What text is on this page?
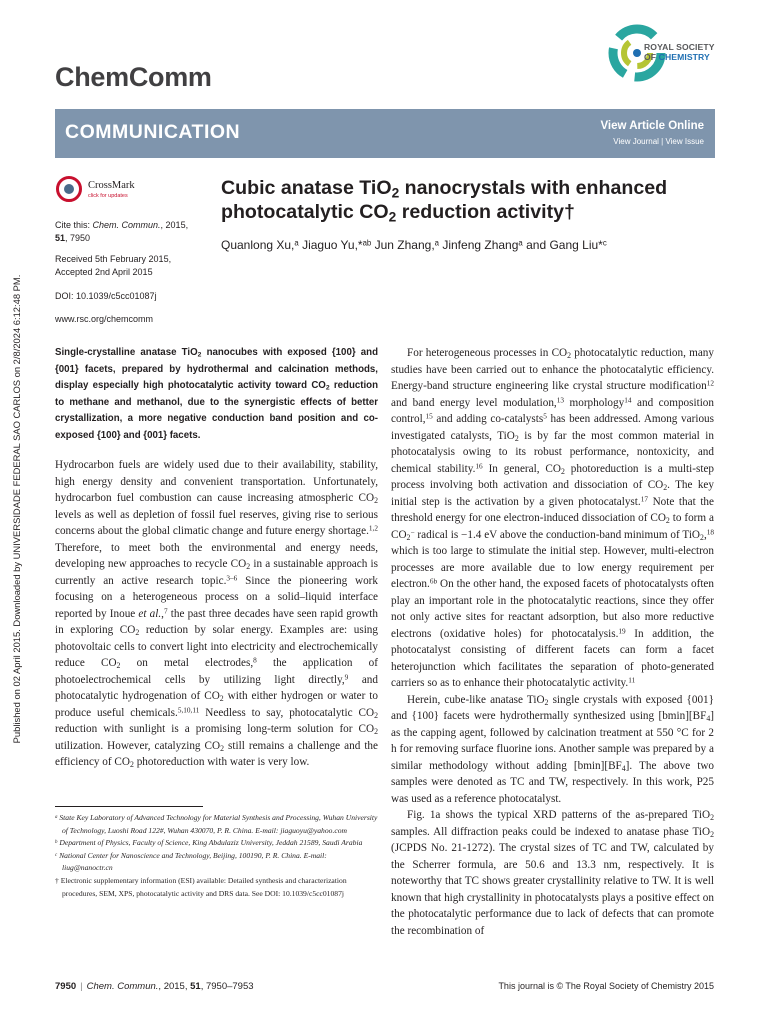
Published on 02 April 2015. Downloaded by UNIVERSIDADE FEDERAL SAO CARLOS on 2/8/2024 6:12:48 PM.
ChemComm
ROYAL SOCIETY
OF CHEMISTRY
COMMUNICATION	View Article Online
View Journal | View Issue
CrossMark
click for updates
Cite this: Chem. Commun., 2015,
51, 7950
Received 5th February 2015,
Accepted 2nd April 2015
DOI: 10.1039/c5cc01087j
www.rsc.org/chemcomm
Cubic anatase TiO$_2$ nanocrystals with enhanced photocatalytic $CO_2$ reduction activity†
Quanlong Xu,$^a$ Jiaguo Yu,*$^{ab}$ Jun Zhang,$^a$ Jinfeng Zhang$^a$ and Gang Liu*$^c$
Single-crystalline anatase TiO$_2$ nanocubes with exposed {100} and {001} facets, prepared by hydrothermal and calcination methods, display especially high photocatalytic activity toward $CO_2$ reduction to methane and methanol, due to the synergistic effects of better crystallization, a more negative conduction band position and co-exposed {100} and {001} facets.
Hydrocarbon fuels are widely used due to their availability, stability, high energy density and convenient transportation. Unfortunately, hydrocarbon fuel combustion can cause increasing atmospheric $CO_2$ levels as well as depletion of fossil fuel reserves, giving rise to serious concerns about the global climatic change and future energy shortage.$^{1,2}$ Therefore, to meet both the environmental and energy needs, developing new approaches to recycle $CO_2$ in a sustainable approach is currently an active research topic.$^{3-6}$ Since the pioneering work focusing on a heterogeneous process on a solid–liquid interface reported by Inoue et al.,$^7$ the past three decades have seen rapid growth in exploring $CO_2$ reduction by solar energy. Examples are: using photovoltaic cells to convert light into electricity and electrochemically reduce $CO_2$ on metal electrodes,$^8$ the application of photoelectrochemical cells by utilizing light directly,$^9$ and photocatalytic hydrogenation of $CO_2$ with either hydrogen or water to produce useful chemicals.$^{5,10,11}$ Needless to say, photocatalytic $CO_2$ reduction with sunlight is a promising long-term solution for $CO_2$ utilization. However, catalyzing $CO_2$ still remains a challenge and the efficiency of $CO_2$ photoreduction with water is very low.
$^a$ State Key Laboratory of Advanced Technology for Material Synthesis and Processing, Wuhan University of Technology, Luoshi Road 122#, Wuhan 430070, P. R. China. E-mail: jiaguoyu@yahoo.com
$^b$ Department of Physics, Faculty of Science, King Abdulaziz University, Jeddah 21589, Saudi Arabia
$^c$ National Center for Nanoscience and Technology, Beijing, 100190, P. R. China. E-mail: liug@nanoctr.cn
† Electronic supplementary information (ESI) available: Detailed synthesis and characterization procedures, SEM, XPS, photocatalytic activity and DRS data. See DOI: 10.1039/c5cc01087j

For heterogeneous processes in $CO_2$ photocatalytic reduction, many studies have been carried out to enhance the photocatalytic efficiency. Energy-band structure engineering like crystal structure modification$^{12}$ and band energy level modulation,$^{13}$ morphology$^{14}$ and composition control,$^{15}$ and adding co-catalysts$^5$ has been addressed. Among various investigated catalysts, TiO$_2$ is by far the most common material in photocatalysis owing to its robust performance, nontoxicity, and chemical stability.$^{16}$ In general, $CO_2$ photoreduction is a multi-step process involving both activation and dissociation of $CO_2$. The key initial step is the activation by a given photocatalyst.$^{17}$ Note that the threshold energy for one electron-induced dissociation of $CO_2$ to form a $CO_2^-$ radical is −1.4 eV above the conduction-band minimum of TiO$_2$,$^{18}$ which is too large to stimulate the initial step. However, multi-electron processes are more available due to low energy requirement per electron.$^{6b}$ On the other hand, the exposed facets of photocatalysts often play an important role in the photocatalytic reactions, since they offer not only active sites for reactant adsorption, but also more reductive electrons (oxidative holes) for photocatalysis.$^{19}$ In addition, the photocatalyst consisting of different facets can form a facet heterojunction which facilitates the separation of photo-generated carriers so as to enhance their photocatalytic activity.$^{11}$

Herein, cube-like anatase TiO$_2$ single crystals with exposed {001} and {100} facets were hydrothermally synthesized using $[bmin][BF_4]$ as the capping agent, followed by calcination treatment at 550 °C for 2 h for removing surface fluorine ions. Another sample was prepared by a similar methodology without adding $[bmin][BF_4]$. The above two samples were denoted as TC and TW, respectively. In this work, P25 was used as a reference photocatalyst.

Fig. 1a shows the typical XRD patterns of the as-prepared TiO$_2$ samples. All diffraction peaks could be indexed to anatase phase TiO$_2$ (JCPDS No. 21-1272). The crystal sizes of TC and TW, calculated by the Scherrer formula, are 50.6 and 13.3 nm, respectively. It is noteworthy that TC shows greater crystallinity relative to TW. It is well known that high crystallinity in photocatalysts plays a positive effect on the photocatalytic performance due to lack of defects that can promote the recombination of

7950 | Chem. Commun., 2015, 51, 7950–7953	This journal is © The Royal Society of Chemistry 2015
